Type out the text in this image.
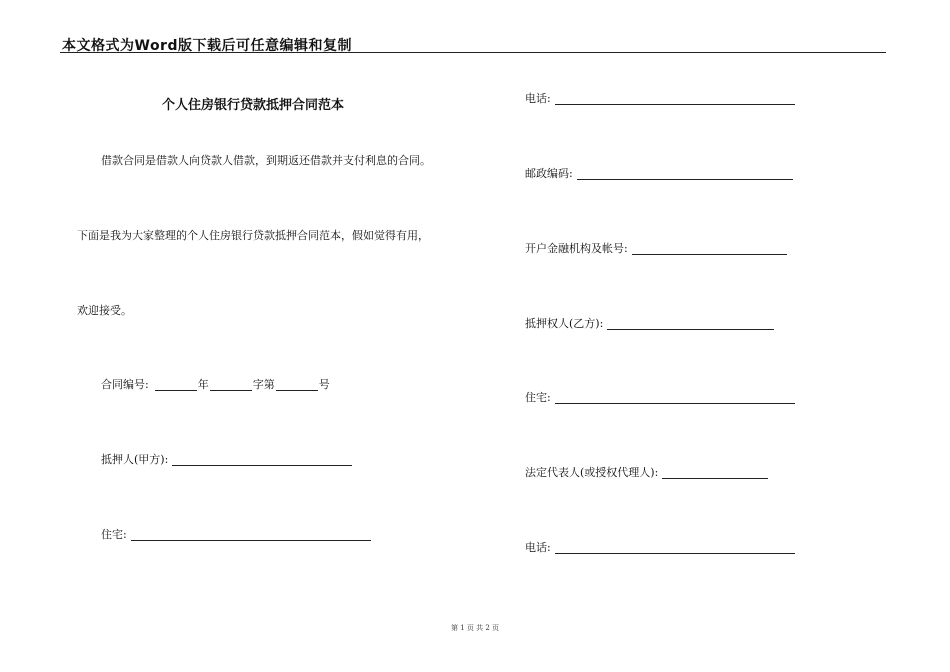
本文格式为Word版下载后可任意编辑和复制
个人住房银行贷款抵押合同范本
借款合同是借款人向贷款人借款，到期返还借款并支付利息的合同。
下面是我为大家整理的个人住房银行贷款抵押合同范本，假如觉得有用，
欢迎接受。
合同编号:	年	字第	号
抵押人(甲方):
住宅:
电话:
邮政编码:
开户金融机构及帐号:
抵押权人(乙方):
住宅:
法定代表人(或授权代理人):
电话:
第 1 页 共 2 页
